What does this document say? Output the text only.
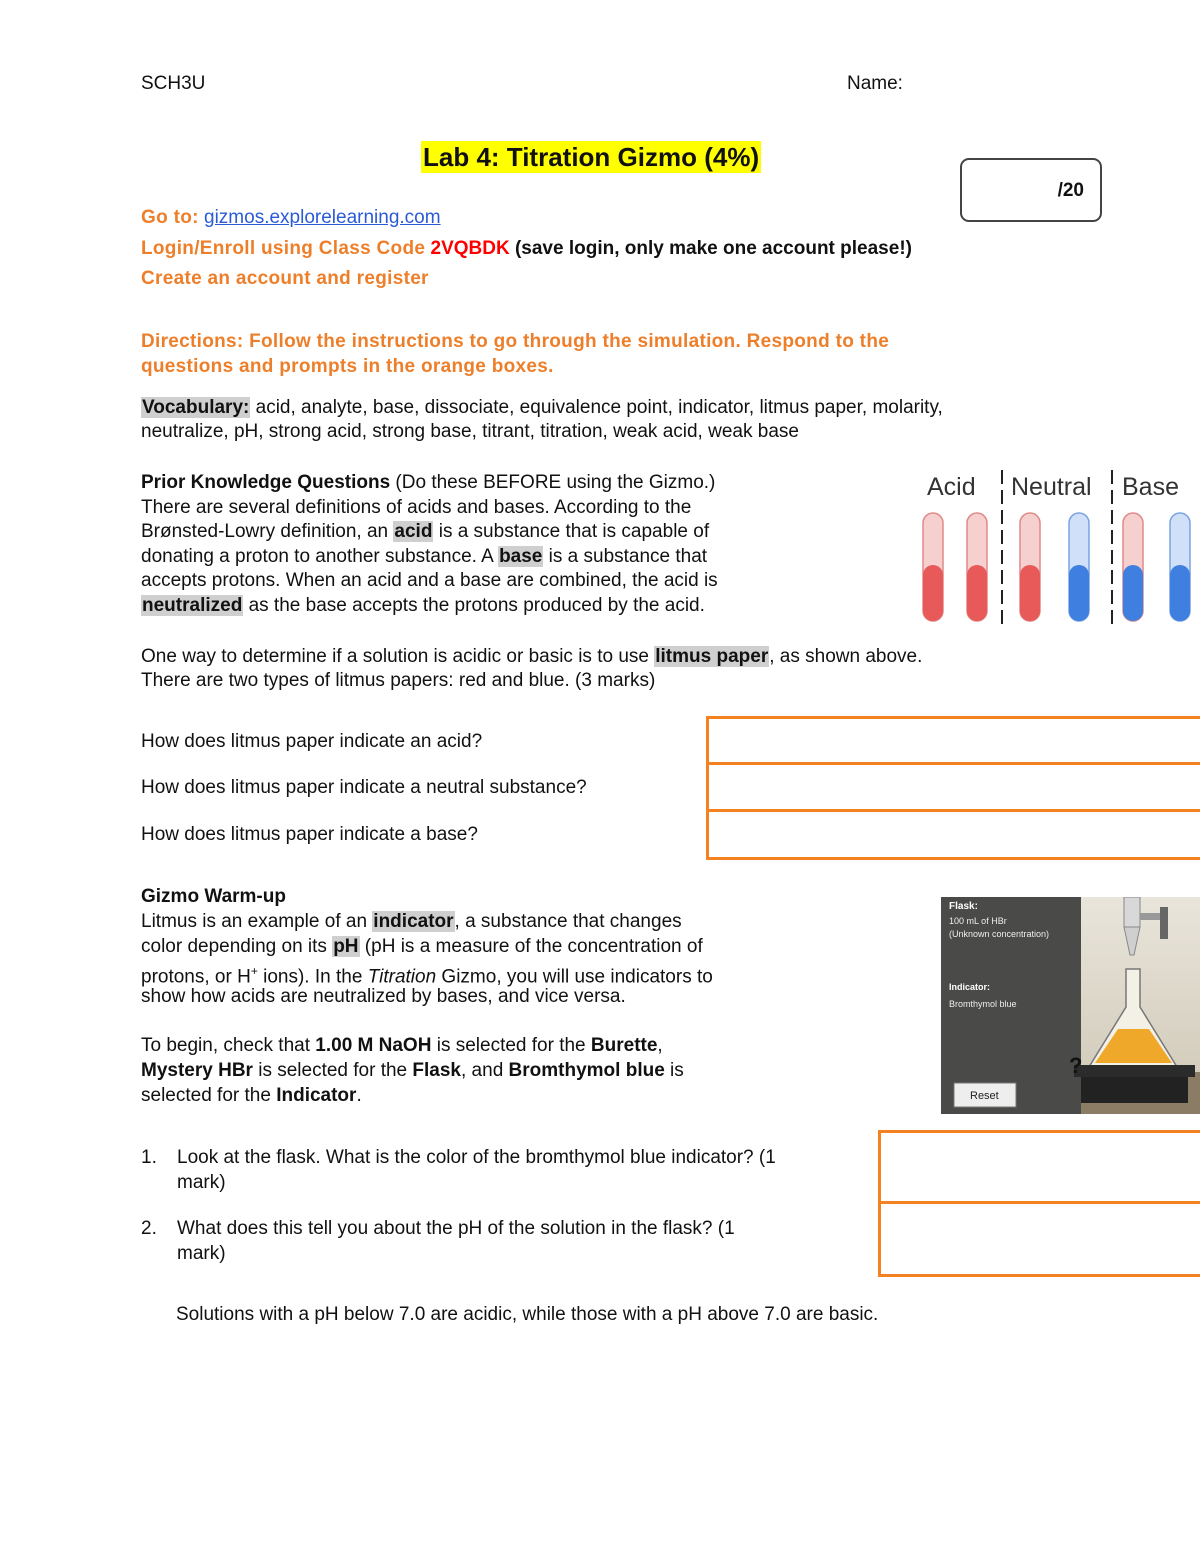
SCH3U	Name:
Lab 4: Titration Gizmo (4%)
/20
Go to: gizmos.explorelearning.com
Login/Enroll using Class Code 2VQBDK (save login, only make one account please!)
Create an account and register
Directions: Follow the instructions to go through the simulation. Respond to the
questions and prompts in the orange boxes.
Vocabulary: acid, analyte, base, dissociate, equivalence point, indicator, litmus paper, molarity,
neutralize, pH, strong acid, strong base, titrant, titration, weak acid, weak base
Prior Knowledge Questions (Do these BEFORE using the Gizmo.)
There are several definitions of acids and bases. According to the
Brønsted-Lowry definition, an acid is a substance that is capable of
donating a proton to another substance. A base is a substance that
accepts protons. When an acid and a base are combined, the acid is
neutralized as the base accepts the protons produced by the acid.
Acid Neutral Base
One way to determine if a solution is acidic or basic is to use litmus paper, as shown above.
There are two types of litmus papers: red and blue. (3 marks)
How does litmus paper indicate an acid?
How does litmus paper indicate a neutral substance?
How does litmus paper indicate a base?
Gizmo Warm-up
Litmus is an example of an indicator, a substance that changes
color depending on its pH (pH is a measure of the concentration of
protons, or H+ ions). In the Titration Gizmo, you will use indicators to
show how acids are neutralized by bases, and vice versa.
To begin, check that 1.00 M NaOH is selected for the Burette,
Mystery HBr is selected for the Flask, and Bromthymol blue is
selected for the Indicator.
Flask:
100 mL of HBr
(Unknown concentration)
Indicator:
Bromthymol blue
?
Reset
1. Look at the flask. What is the color of the bromthymol blue indicator? (1
mark)
2. What does this tell you about the pH of the solution in the flask? (1
mark)
Solutions with a pH below 7.0 are acidic, while those with a pH above 7.0 are basic.
